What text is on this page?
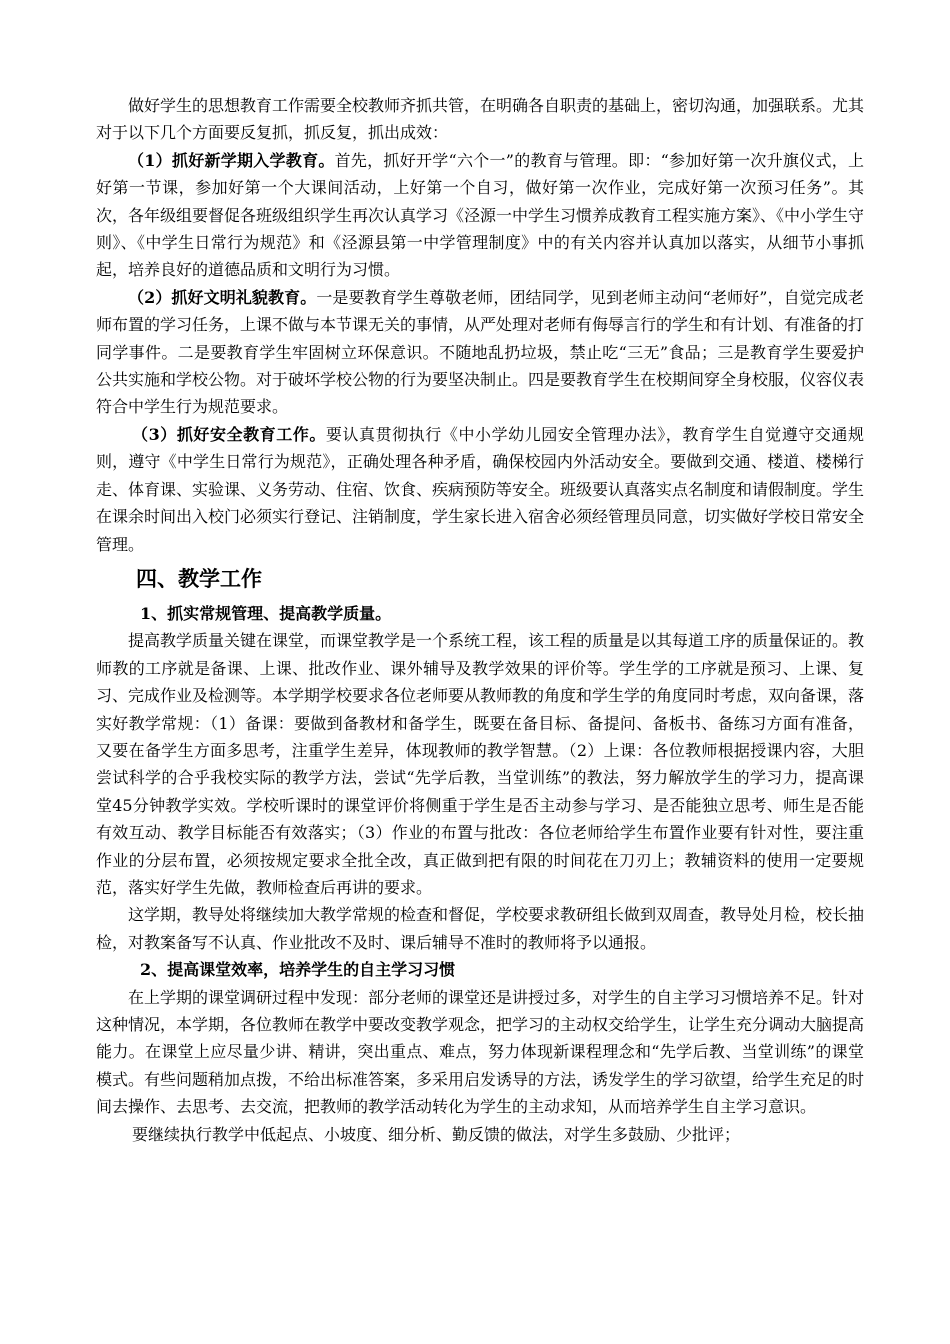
做好学生的思想教育工作需要全校教师齐抓共管，在明确各自职责的基础上，密切沟通，加强联系。尤其对于以下几个方面要反复抓，抓反复，抓出成效：

（1）抓好新学期入学教育。首先，抓好开学“六个一”的教育与管理。即：“参加好第一次升旗仪式，上好第一节课，参加好第一个大课间活动，上好第一个自习，做好第一次作业，完成好第一次预习任务”。其次，各年级组要督促各班级组织学生再次认真学习《泾源一中学生习惯养成教育工程实施方案》、《中小学生守则》、《中学生日常行为规范》和《泾源县第一中学管理制度》中的有关内容并认真加以落实，从细节小事抓起，培养良好的道德品质和文明行为习惯。

（2）抓好文明礼貌教育。一是要教育学生尊敬老师，团结同学，见到老师主动问“老师好”，自觉完成老师布置的学习任务，上课不做与本节课无关的事情，从严处理对老师有侮辱言行的学生和有计划、有准备的打同学事件。二是要教育学生牢固树立环保意识。不随地乱扔垃圾，禁止吃“三无”食品；三是教育学生要爱护公共实施和学校公物。对于破坏学校公物的行为要坚决制止。四是要教育学生在校期间穿全身校服，仪容仪表符合中学生行为规范要求。

（3）抓好安全教育工作。要认真贯彻执行《中小学幼儿园安全管理办法》，教育学生自觉遵守交通规则，遵守《中学生日常行为规范》，正确处理各种矛盾，确保校园内外活动安全。要做到交通、楼道、楼梯行走、体育课、实验课、义务劳动、住宿、饮食、疾病预防等安全。班级要认真落实点名制度和请假制度。学生在课余时间出入校门必须实行登记、注销制度，学生家长进入宿舍必须经管理员同意，切实做好学校日常安全管理。

四、教学工作

1、抓实常规管理、提高教学质量。

提高教学质量关键在课堂，而课堂教学是一个系统工程，该工程的质量是以其每道工序的质量保证的。教师教的工序就是备课、上课、批改作业、课外辅导及教学效果的评价等。学生学的工序就是预习、上课、复习、完成作业及检测等。本学期学校要求各位老师要从教师教的角度和学生学的角度同时考虑，双向备课，落实好教学常规：（1）备课：要做到备教材和备学生，既要在备目标、备提问、备板书、备练习方面有准备，又要在备学生方面多思考，注重学生差异，体现教师的教学智慧。（2）上课：各位教师根据授课内容，大胆尝试科学的合乎我校实际的教学方法，尝试“先学后教，当堂训练”的教法，努力解放学生的学习力，提高课堂45分钟教学实效。学校听课时的课堂评价将侧重于学生是否主动参与学习、是否能独立思考、师生是否能有效互动、教学目标能否有效落实；（3）作业的布置与批改：各位老师给学生布置作业要有针对性，要注重作业的分层布置，必须按规定要求全批全改，真正做到把有限的时间花在刀刃上；教辅资料的使用一定要规范，落实好学生先做，教师检查后再讲的要求。

这学期，教导处将继续加大教学常规的检查和督促，学校要求教研组长做到双周查，教导处月检，校长抽检，对教案备写不认真、作业批改不及时、课后辅导不准时的教师将予以通报。

2、提高课堂效率，培养学生的自主学习习惯

在上学期的课堂调研过程中发现：部分老师的课堂还是讲授过多，对学生的自主学习习惯培养不足。针对这种情况，本学期，各位教师在教学中要改变教学观念，把学习的主动权交给学生，让学生充分调动大脑提高能力。在课堂上应尽量少讲、精讲，突出重点、难点，努力体现新课程理念和“先学后教、当堂训练”的课堂模式。有些问题稍加点拨，不给出标准答案，多采用启发诱导的方法，诱发学生的学习欲望，给学生充足的时间去操作、去思考、去交流，把教师的教学活动转化为学生的主动求知，从而培养学生自主学习意识。

要继续执行教学中低起点、小坡度、细分析、勤反馈的做法，对学生多鼓励、少批评；
